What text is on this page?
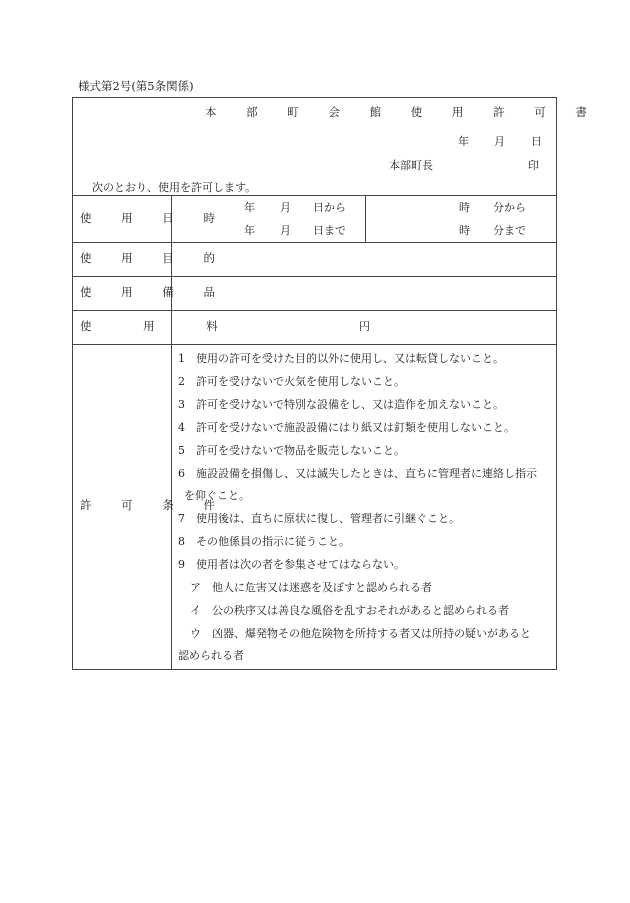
様式第2号(第5条関係)
本 部 町 会 館 使 用 許 可 書
年 月 日
本部町長	印
次のとおり、使用を許可します。
使 用 日 時
年 月 日から
年 月 日まで
時 分から
時 分まで
使 用 目 的
使 用 備 品
使 用 料	円
許 可 条 件
1　使用の許可を受けた目的以外に使用し、又は転貸しないこと。
2　許可を受けないで火気を使用しないこと。
3　許可を受けないで特別な設備をし、又は造作を加えないこと。
4　許可を受けないで施設設備にはり紙又は釘類を使用しないこと。
5　許可を受けないで物品を販売しないこと。
6　施設設備を損傷し、又は滅失したときは、直ちに管理者に連絡し指示
を仰ぐこと。
7　使用後は、直ちに原状に復し、管理者に引継ぐこと。
8　その他係員の指示に従うこと。
9　使用者は次の者を参集させてはならない。
ア　他人に危害又は迷惑を及ぼすと認められる者
イ　公の秩序又は善良な風俗を乱すおそれがあると認められる者
ウ　凶器、爆発物その他危険物を所持する者又は所持の疑いがあると
認められる者
